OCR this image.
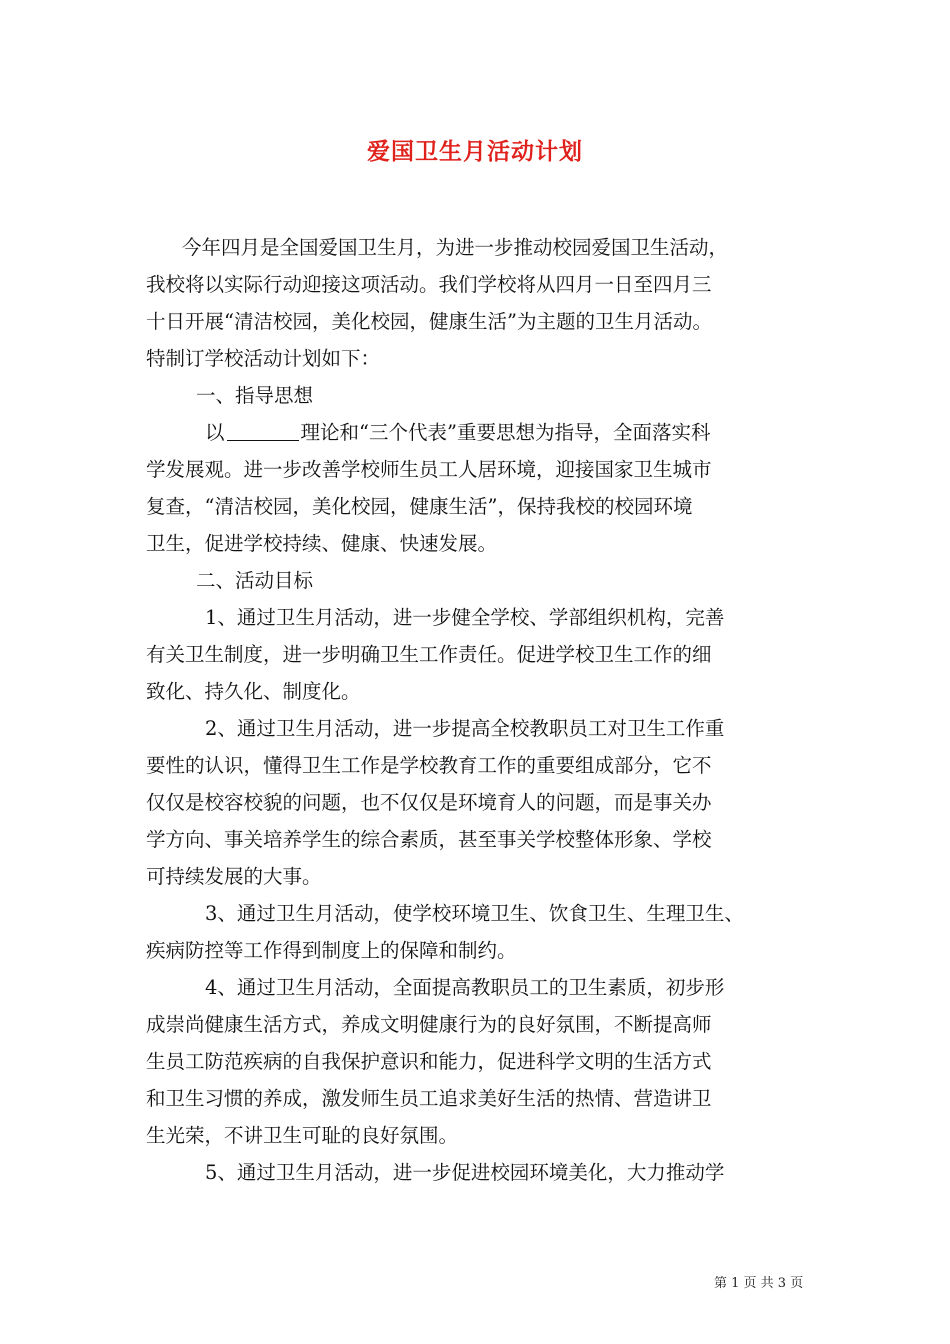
爱国卫生月活动计划
今年四月是全国爱国卫生月，为进一步推动校园爱国卫生活动，
我校将以实际行动迎接这项活动。我们学校将从四月一日至四月三
十日开展“清洁校园，美化校园，健康生活”为主题的卫生月活动。
特制订学校活动计划如下：
一、指导思想
以	理论和“三个代表”重要思想为指导，全面落实科
学发展观。进一步改善学校师生员工人居环境，迎接国家卫生城市
复查，“清洁校园，美化校园，健康生活”，保持我校的校园环境
卫生，促进学校持续、健康、快速发展。
二、活动目标
1、通过卫生月活动，进一步健全学校、学部组织机构，完善
有关卫生制度，进一步明确卫生工作责任。促进学校卫生工作的细
致化、持久化、制度化。
2、通过卫生月活动，进一步提高全校教职员工对卫生工作重
要性的认识，懂得卫生工作是学校教育工作的重要组成部分，它不
仅仅是校容校貌的问题，也不仅仅是环境育人的问题，而是事关办
学方向、事关培养学生的综合素质，甚至事关学校整体形象、学校
可持续发展的大事。
3、通过卫生月活动，使学校环境卫生、饮食卫生、生理卫生、
疾病防控等工作得到制度上的保障和制约。
4、通过卫生月活动，全面提高教职员工的卫生素质，初步形
成崇尚健康生活方式，养成文明健康行为的良好氛围，不断提高师
生员工防范疾病的自我保护意识和能力，促进科学文明的生活方式
和卫生习惯的养成，激发师生员工追求美好生活的热情、营造讲卫
生光荣，不讲卫生可耻的良好氛围。
5、通过卫生月活动，进一步促进校园环境美化，大力推动学
第 1 页 共 3 页
